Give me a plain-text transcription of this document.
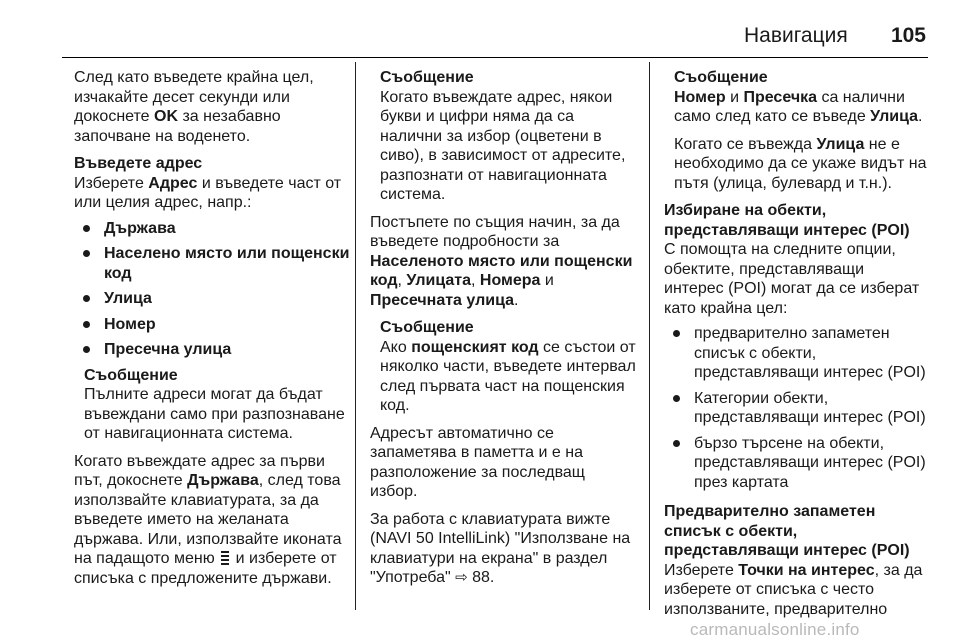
Навигация	105

След като въведете крайна цел, изчакайте десет секунди или докоснете OK за незабавно започване на воденето.

Въведете адрес

Изберете Адрес и въведете част от или целия адрес, напр.:

Държава
Населено място или пощенски код
Улица
Номер
Пресечна улица

Съобщение

Пълните адреси могат да бъдат въвеждани само при разпознаване от навигационната система.

Когато въвеждате адрес за първи път, докоснете Държава, след това използвайте клавиатурата, за да въведете името на желаната държава. Или, използвайте иконата на падащото меню  и изберете от списъка с предложените държави.

Съобщение

Когато въвеждате адрес, някои букви и цифри няма да са налични за избор (оцветени в сиво), в зависимост от адресите, разпознати от навигационната система.

Постъпете по същия начин, за да въведете подробности за Населеното място или пощенски код, Улицата, Номера и Пресечната улица.

Съобщение

Ако пощенският код се състои от няколко части, въведете интервал след първата част на пощенския код.

Адресът автоматично се запаметява в паметта и е на разположение за последващ избор.

За работа с клавиатурата вижте (NAVI 50 IntelliLink) "Използване на клавиатури на екрана" в раздел "Употреба" ⇨ 88.

Съобщение

Номер и Пресечка са налични само след като се въведе Улица.

Когато се въвежда Улица не е необходимо да се укаже видът на пътя (улица, булевард и т.н.).

Избиране на обекти, представляващи интерес (POI)

С помощта на следните опции, обектите, представляващи интерес (POI) могат да се изберат като крайна цел:

предварително запаметен списък с обекти, представляващи интерес (POI)
Категории обекти, представляващи интерес (POI)
бързо търсене на обекти, представляващи интерес (POI) през картата

Предварително запаметен списък с обекти, представляващи интерес (POI)

Изберете Точки на интерес, за да изберете от списъка с често използваните, предварително

carmanualsonline.info
